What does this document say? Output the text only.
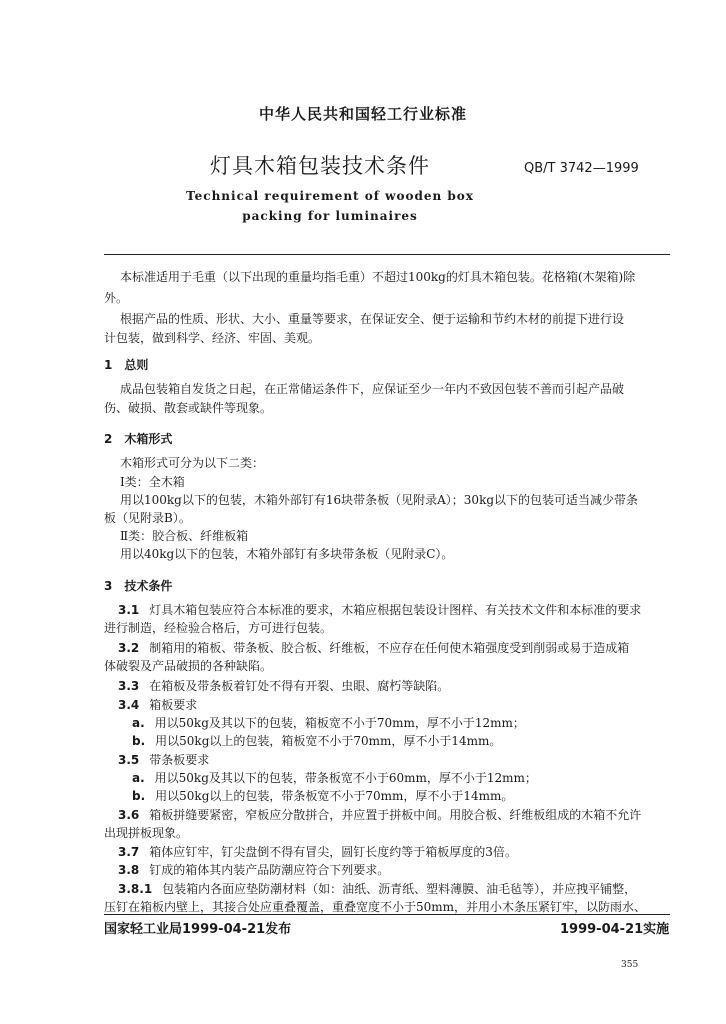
中华人民共和国轻工行业标准
灯具木箱包装技术条件	QB/T 3742—1999
Technical requirement of wooden box
packing for luminaires
本标准适用于毛重（以下出现的重量均指毛重）不超过100kg的灯具木箱包装。花格箱(木架箱)除
外。
根据产品的性质、形状、大小、重量等要求，在保证安全、便于运输和节约木材的前提下进行设
计包装，做到科学、经济、牢固、美观。
1　总则
成品包装箱自发货之日起，在正常储运条件下，应保证至少一年内不致因包装不善而引起产品破
伤、破损、散套或缺件等现象。
2　木箱形式
木箱形式可分为以下二类：
Ⅰ类：全木箱
用以100kg以下的包装，木箱外部钉有16块带条板（见附录A）；30kg以下的包装可适当减少带条
板（见附录B）。
Ⅱ类：胶合板、纤维板箱
用以40kg以下的包装，木箱外部钉有多块带条板（见附录C）。
3　技术条件
3.1 灯具木箱包装应符合本标准的要求，木箱应根据包装设计图样、有关技术文件和本标准的要求
进行制造，经检验合格后，方可进行包装。
3.2 制箱用的箱板、带条板、胶合板、纤维板，不应存在任何使木箱强度受到削弱或易于造成箱
体破裂及产品破损的各种缺陷。
3.3 在箱板及带条板着钉处不得有开裂、虫眼、腐朽等缺陷。
3.4 箱板要求
a. 用以50kg及其以下的包装，箱板宽不小于70mm，厚不小于12mm；
b. 用以50kg以上的包装，箱板宽不小于70mm，厚不小于14mm。
3.5 带条板要求
a. 用以50kg及其以下的包装，带条板宽不小于60mm，厚不小于12mm；
b. 用以50kg以上的包装，带条板宽不小于70mm，厚不小于14mm。
3.6 箱板拼缝要紧密，窄板应分散拼合，并应置于拼板中间。用胶合板、纤维板组成的木箱不允许
出现拼板现象。
3.7 箱体应钉牢，钉尖盘倒不得有冒尖，圆钉长度约等于箱板厚度的3倍。
3.8 钉成的箱体其内装产品防潮应符合下列要求。
3.8.1 包装箱内各面应垫防潮材料（如：油纸、沥青纸、塑料薄膜、油毛毡等），并应拽平铺整，
压钉在箱板内壁上，其接合处应重叠覆盖，重叠宽度不小于50mm，并用小木条压紧钉牢，以防雨水、
国家轻工业局1999-04-21发布	1999-04-21实施
355
